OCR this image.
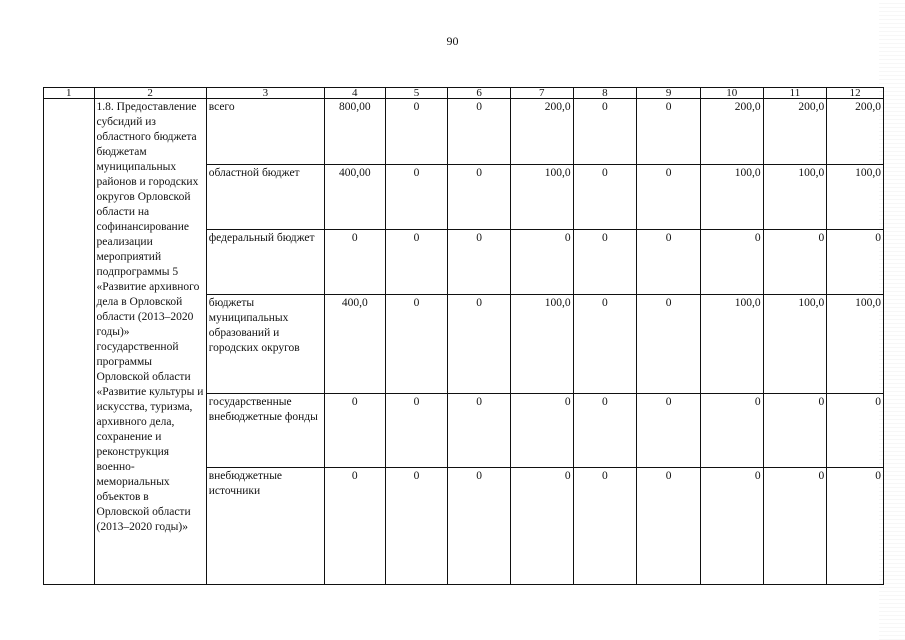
90
1	2	3	4	5	6	7	8	9	10	11	12
	1.8. Предоставление субсидий из областного бюджета бюджетам муниципальных районов и городских округов Орловской области на софинансирование реализации мероприятий подпрограммы 5 «Развитие архивного дела в Орловской области (2013–2020 годы)» государственной программы Орловской области «Развитие культуры и искусства, туризма, архивного дела, сохранение и реконструкция военно-мемориальных объектов в Орловской области (2013–2020 годы)»	всего	800,00	0	0	200,0	0	0	200,0	200,0	200,0
		областной бюджет	400,00	0	0	100,0	0	0	100,0	100,0	100,0
		федеральный бюджет	0	0	0	0	0	0	0	0	0
		бюджеты муниципальных образований и городских округов	400,0	0	0	100,0	0	0	100,0	100,0	100,0
		государственные внебюджетные фонды	0	0	0	0	0	0	0	0	0
		внебюджетные источники	0	0	0	0	0	0	0	0	0
